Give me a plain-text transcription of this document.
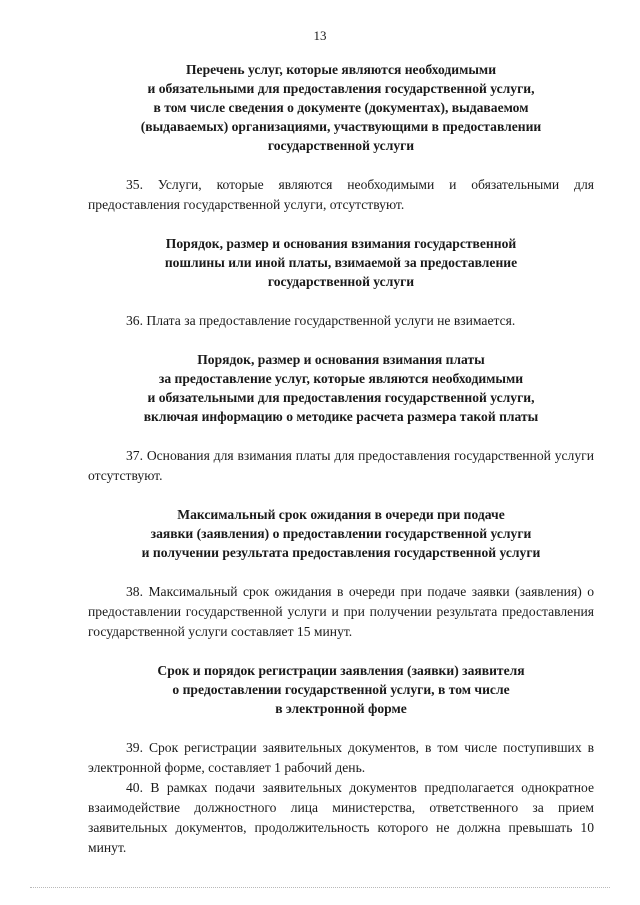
13

Перечень услуг, которые являются необходимыми
и обязательными для предоставления государственной услуги,
в том числе сведения о документе (документах), выдаваемом
(выдаваемых) организациями, участвующими в предоставлении
государственной услуги

35. Услуги, которые являются необходимыми и обязательными для предоставления государственной услуги, отсутствуют.

Порядок, размер и основания взимания государственной
пошлины или иной платы, взимаемой за предоставление
государственной услуги

36. Плата за предоставление государственной услуги не взимается.

Порядок, размер и основания взимания платы
за предоставление услуг, которые являются необходимыми
и обязательными для предоставления государственной услуги,
включая информацию о методике расчета размера такой платы

37. Основания для взимания платы для предоставления государственной услуги отсутствуют.

Максимальный срок ожидания в очереди при подаче
заявки (заявления) о предоставлении государственной услуги
и получении результата предоставления государственной услуги

38. Максимальный срок ожидания в очереди при подаче заявки (заявления) о предоставлении государственной услуги и при получении результата предоставления государственной услуги составляет 15 минут.

Срок и порядок регистрации заявления (заявки) заявителя
о предоставлении государственной услуги, в том числе
в электронной форме

39. Срок регистрации заявительных документов, в том числе поступивших в электронной форме, составляет 1 рабочий день.

40. В рамках подачи заявительных документов предполагается однократное взаимодействие должностного лица министерства, ответственного за прием заявительных документов, продолжительность которого не должна превышать 10 минут.
